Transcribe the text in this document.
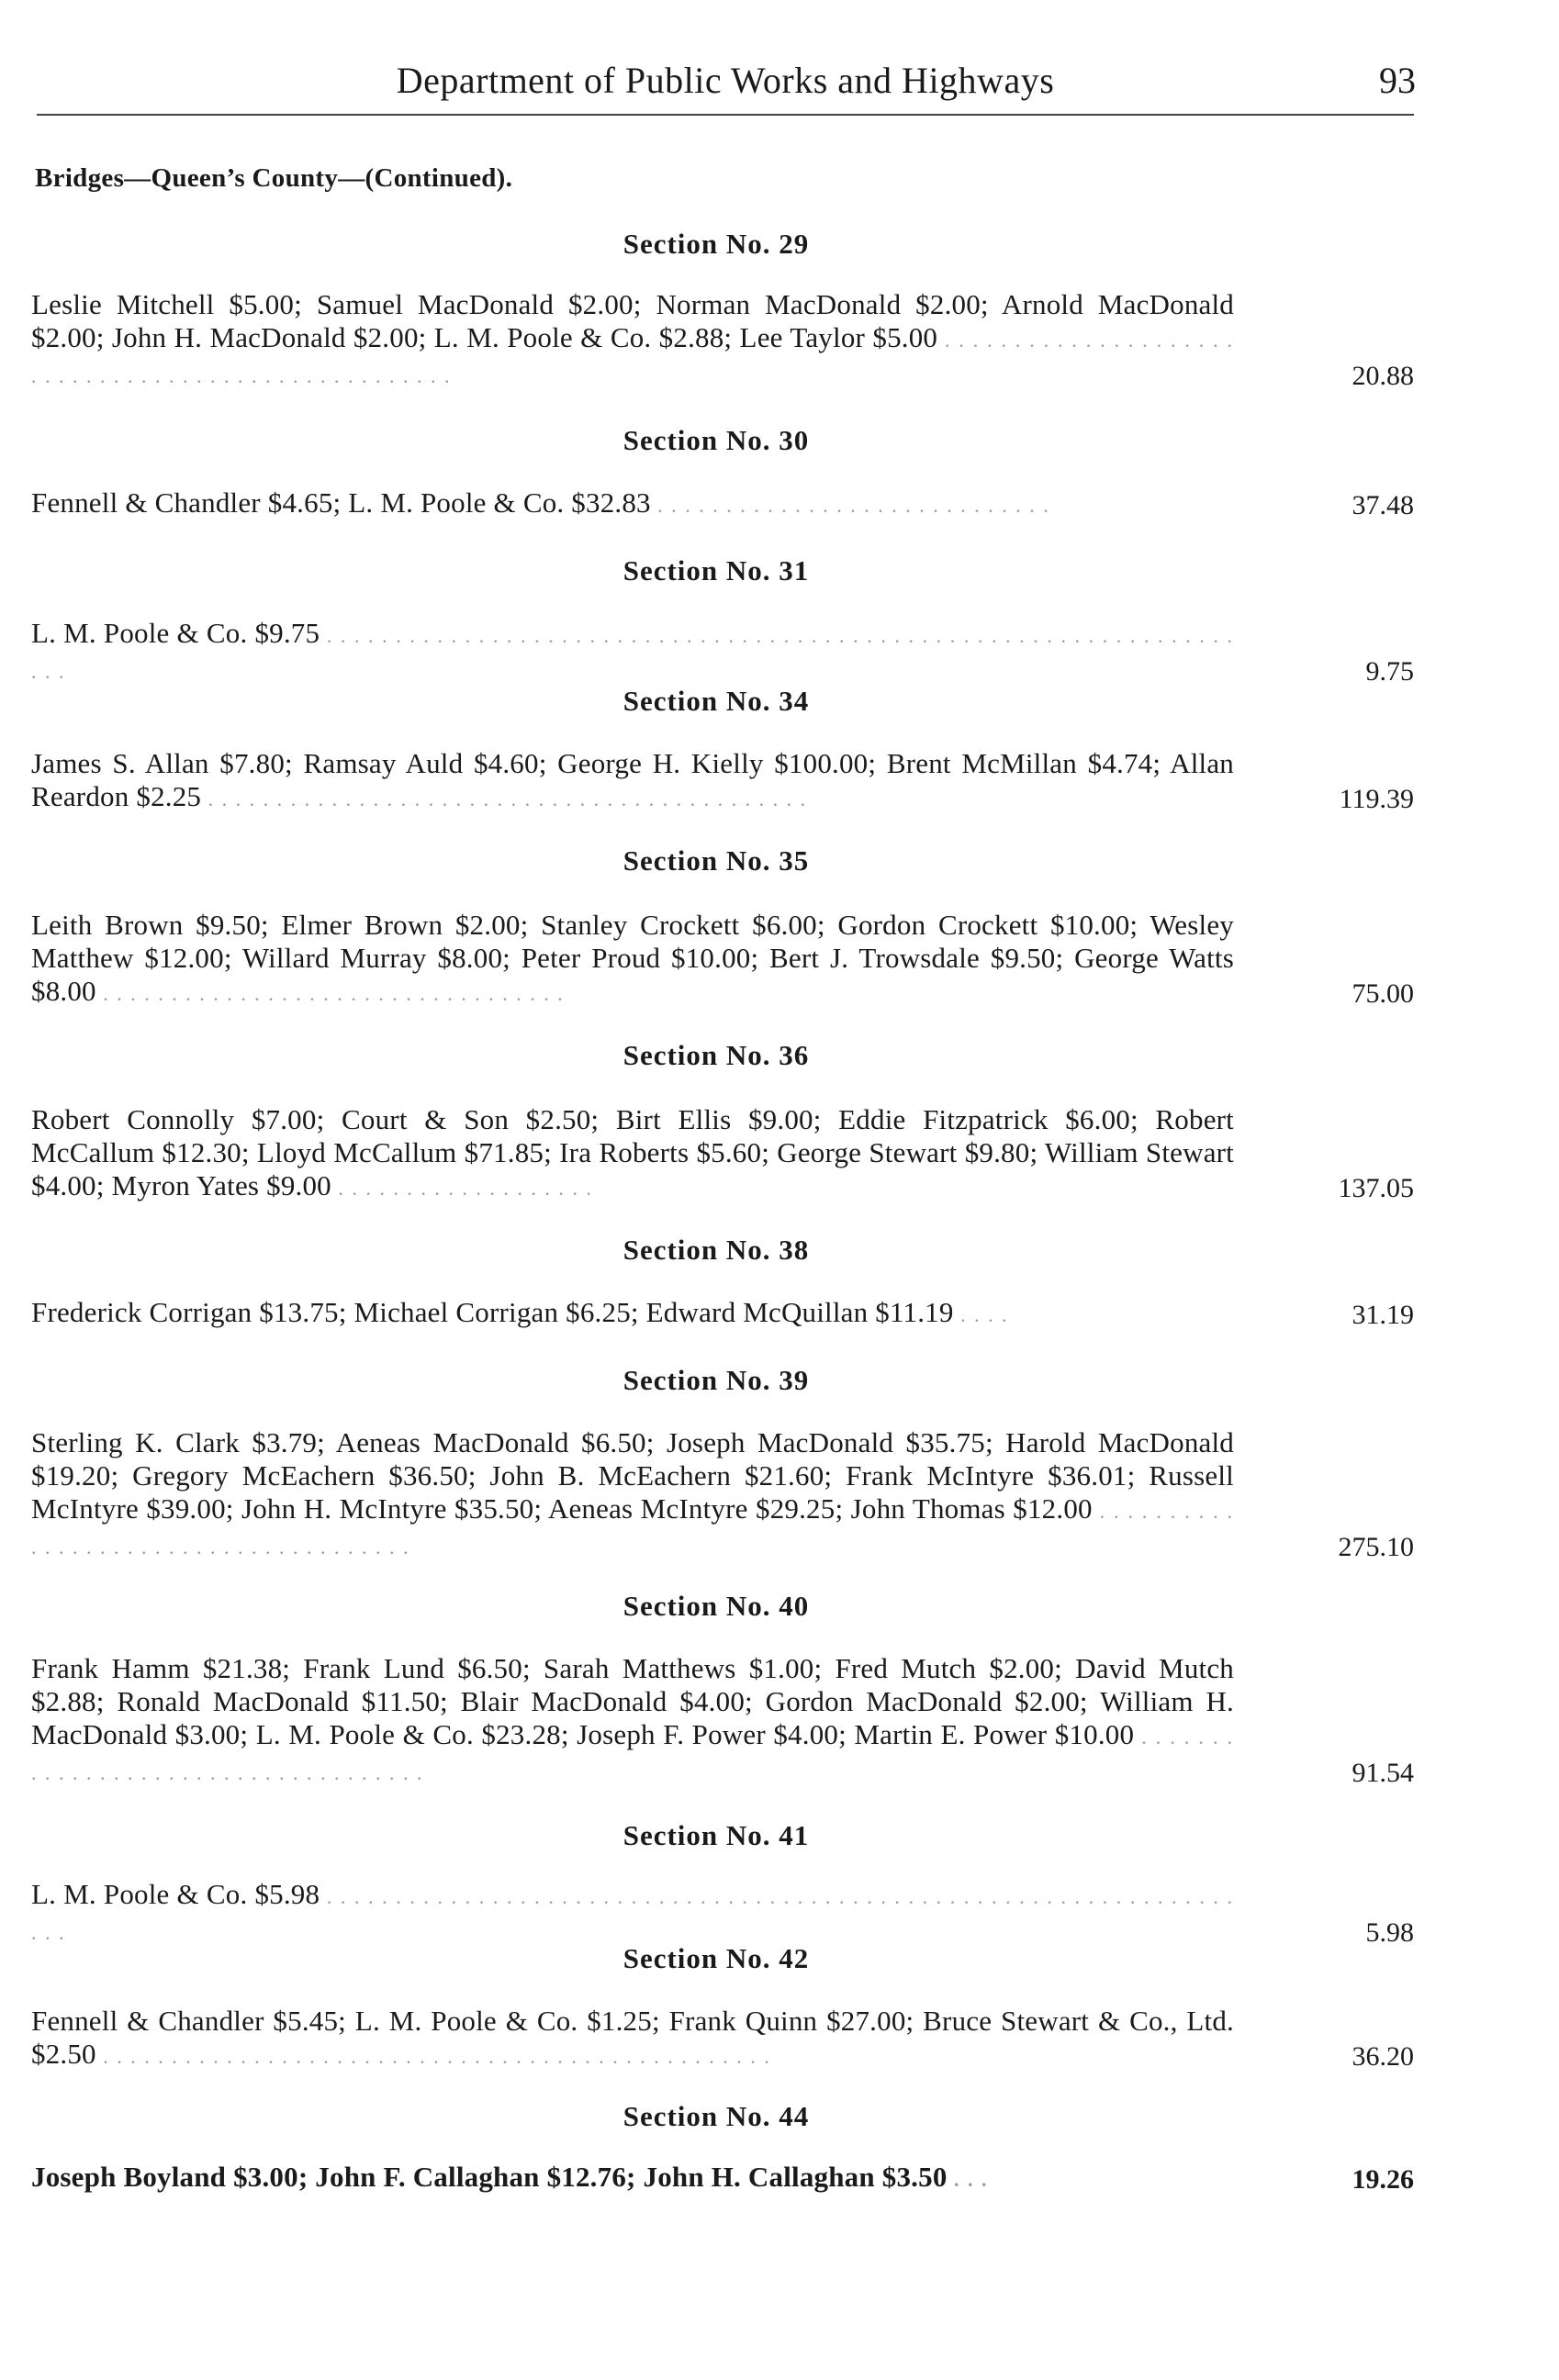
Department of Public Works and Highways	93
Bridges—Queen’s County—(Continued).
Section No. 29
Leslie Mitchell $5.00; Samuel MacDonald $2.00; Norman MacDonald $2.00; Arnold MacDonald $2.00; John H. MacDonald $2.00; L. M. Poole & Co. $2.88; Lee Taylor $5.00 . . . . . . . . . . . . . . . . . . . . . . . . . . . . . . . . . . . . . . . . . . . . . . . . . . . .	20.88
Section No. 30
Fennell & Chandler $4.65; L. M. Poole & Co. $32.83 . . . . . . . . . . . . . . . . . . . . . . . . . . . . .	37.48
Section No. 31
L. M. Poole & Co. $9.75 . . . . . . . . . . . . . . . . . . . . . . . . . . . . . . . . . . . . . . . . . . . . . . . . . . . . . . . . . . . . . . . . . . . . .	9.75
Section No. 34
James S. Allan $7.80; Ramsay Auld $4.60; George H. Kielly $100.00; Brent McMillan $4.74; Allan Reardon $2.25 . . . . . . . . . . . . . . . . . . . . . . . . . . . . . . . . . . . . . . . . . . . .	119.39
Section No. 35
Leith Brown $9.50; Elmer Brown $2.00; Stanley Crockett $6.00; Gordon Crockett $10.00; Wesley Matthew $12.00; Willard Murray $8.00; Peter Proud $10.00; Bert J. Trowsdale $9.50; George Watts $8.00 . . . . . . . . . . . . . . . . . . . . . . . . . . . . . . . . . .	75.00
Section No. 36
Robert Connolly $7.00; Court & Son $2.50; Birt Ellis $9.00; Eddie Fitzpatrick $6.00; Robert McCallum $12.30; Lloyd McCallum $71.85; Ira Roberts $5.60; George Stewart $9.80; William Stewart $4.00; Myron Yates $9.00 . . . . . . . . . . . . . . . . . . .	137.05
Section No. 38
Frederick Corrigan $13.75; Michael Corrigan $6.25; Edward McQuillan $11.19 . . . .	31.19
Section No. 39
Sterling K. Clark $3.79; Aeneas MacDonald $6.50; Joseph MacDonald $35.75; Harold MacDonald $19.20; Gregory McEachern $36.50; John B. McEachern $21.60; Frank McIntyre $36.01; Russell McIntyre $39.00; John H. McIntyre $35.50; Aeneas McIntyre $29.25; John Thomas $12.00 . . . . . . . . . . . . . . . . . . . . . . . . . . . . . . . . . . . . . .	275.10
Section No. 40
Frank Hamm $21.38; Frank Lund $6.50; Sarah Matthews $1.00; Fred Mutch $2.00; David Mutch $2.88; Ronald MacDonald $11.50; Blair MacDonald $4.00; Gordon MacDonald $2.00; William H. MacDonald $3.00; L. M. Poole & Co. $23.28; Joseph F. Power $4.00; Martin E. Power $10.00 . . . . . . . . . . . . . . . . . . . . . . . . . . . . . . . . . . . .	91.54
Section No. 41
L. M. Poole & Co. $5.98 . . . . . . . . . . . . . . . . . . . . . . . . . . . . . . . . . . . . . . . . . . . . . . . . . . . . . . . . . . . . . . . . . . . . .	5.98
Section No. 42
Fennell & Chandler $5.45; L. M. Poole & Co. $1.25; Frank Quinn $27.00; Bruce Stewart & Co., Ltd. $2.50 . . . . . . . . . . . . . . . . . . . . . . . . . . . . . . . . . . . . . . . . . . . . . . . . .	36.20
Section No. 44
Joseph Boyland $3.00; John F. Callaghan $12.76; John H. Callaghan $3.50 . . .	19.26
